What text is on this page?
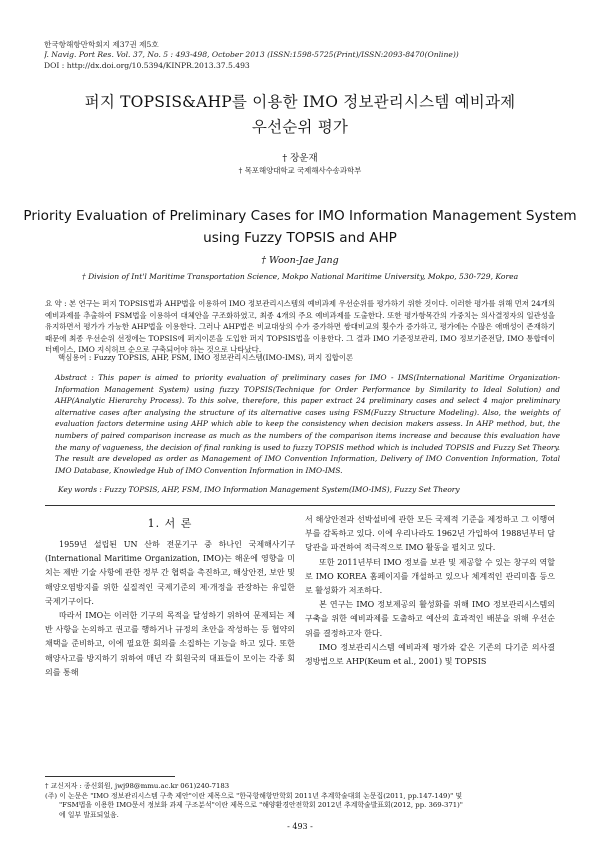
한국항해항만학회지 제37권 제5호
J. Navig. Port Res. Vol. 37, No. 5 : 493-498, October 2013 (ISSN:1598-5725(Print)/ISSN:2093-8470(Online))
DOI : http://dx.doi.org/10.5394/KINPR.2013.37.5.493
퍼지 TOPSIS&AHP를 이용한 IMO 정보관리시스템 예비과제
우선순위 평가
† 장운재
† 목포해양대학교 국제해사수송과학부
Priority Evaluation of Preliminary Cases for IMO Information Management System
using Fuzzy TOPSIS and AHP
† Woon-Jae Jang
† Division of Int'l Maritime Transportation Science, Mokpo National Maritime University, Mokpo, 530-729, Korea
요 약 : 본 연구는 퍼지 TOPSIS법과 AHP법을 이용하여 IMO 정보관리시스템의 예비과제 우선순위를 평가하기 위한 것이다. 이러한 평가를 위해 먼저 24개의 예비과제를 추출하여 FSM법을 이용하여 대체안을 구조화하였고, 최종 4개의 주요 예비과제를 도출한다. 또한 평가항목간의 가중치는 의사결정자의 일관성을 유지하면서 평가가 가능한 AHP법을 이용한다. 그러나 AHP법은 비교대상의 수가 증가하면 쌍대비교의 횟수가 증가하고, 평가에는 수많은 애매성이 존재하기 때문에 최종 우선순위 선정에는 TOPSIS에 퍼지이론을 도입한 퍼지 TOPSIS법을 이용한다. 그 결과 IMO 기준정보관리, IMO 정보기준전달, IMO 통합데이터베이스, IMO 지식허브 순으로 구축되어야 하는 것으로 나타났다.
핵심용어 : Fuzzy TOPSIS, AHP, FSM, IMO 정보관리시스템(IMO-IMS), 퍼지 집합이론
Abstract : This paper is aimed to priority evaluation of preliminary cases for IMO - IMS(International Maritime Organization-Information Management System) using fuzzy TOPSIS(Technique for Order Performance by Similarity to Ideal Solution) and AHP(Analytic Hierarchy Process). To this solve, therefore, this paper extract 24 preliminary cases and select 4 major preliminary alternative cases after analysing the structure of its alternative cases using FSM(Fuzzy Structure Modeling). Also, the weights of evaluation factors determine using AHP which able to keep the consistency when decision makers assess. In AHP method, but, the numbers of paired comparison increase as much as the numbers of the comparison items increase and because this evaluation have the many of vagueness, the decision of final ranking is used to fuzzy TOPSIS method which is included TOPSIS and Fuzzy Set Theory. The result are developed as order as Management of IMO Convention Information, Delivery of IMO Convention Information, Total IMO Database, Knowledge Hub of IMO Convention Information in IMO-IMS.
Key words : Fuzzy TOPSIS, AHP, FSM, IMO Information Management System(IMO-IMS), Fuzzy Set Theory
1. 서 론

1959년 설립된 UN 산하 전문기구 중 하나인 국제해사기구(International Maritime Organization, IMO)는 해운에 영향을 미치는 제반 기술 사항에 관한 정부 간 협력을 촉진하고, 해상안전, 보안 및 해양오염방지를 위한 실질적인 국제기준의 제·개정을 관장하는 유일한 국제기구이다.

따라서 IMO는 이러한 기구의 목적을 달성하기 위하여 문제되는 제반 사항을 논의하고 권고를 행하거나 규정의 초안을 작성하는 등 협약의 채택을 준비하고, 이에 필요한 회의를 소집하는 기능을 하고 있다. 또한 해양사고를 방지하기 위하여 매년 각 회원국의 대표들이 모이는 각종 회의를 통해

서 해상안전과 선박설비에 관한 모든 국제적 기준을 제정하고 그 이행여부를 감독하고 있다. 이에 우리나라도 1962년 가입하여 1988년부터 담당관을 파견하여 적극적으로 IMO 활동을 펼치고 있다.

또한 2011년부터 IMO 정보를 보관 및 제공할 수 있는 창구의 역할로 IMO KOREA 홈페이지를 개설하고 있으나 체계적인 관리미흡 등으로 활성화가 저조하다.

본 연구는 IMO 정보제공의 활성화를 위해 IMO 정보관리시스템의 구축을 위한 예비과제를 도출하고 예산의 효과적인 배분을 위해 우선순위를 결정하고자 한다.

IMO 정보관리시스템 예비과제 평가와 같은 기존의 다기준 의사결정방법으로 AHP(Keum et al., 2001) 및 TOPSIS

† 교신저자 : 종신회원, jwj98@mmu.ac.kr 061)240-7183
(주) 이 논문은 "IMO 정보관리시스템 구축 제안"이란 제목으로 "한국항해항만학회 2011년 추계학술대회 논문집(2011, pp.147-149)" 및
"FSM법을 이용한 IMO문서 정보화 과제 구조분석"이란 제목으로 "해양환경안전학회 2012년 추계학술발표회(2012, pp. 369-371)"
에 일부 발표되었음.
- 493 -
